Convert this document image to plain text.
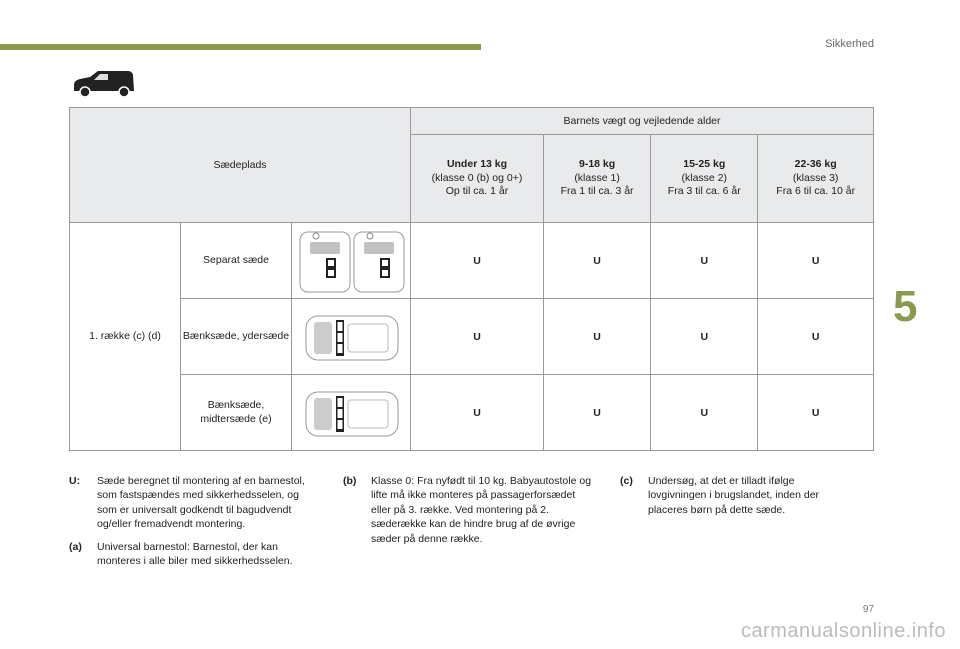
Sikkerhed
5
97
carmanualsonline.info
Sædeplads			Barnets vægt og vejledende alder			

			Under 13 kg
(klasse 0 (b) og 0+)
Op til ca. 1 år	9-18 kg
(klasse 1)
Fra 1 til ca. 3 år	15-25 kg
(klasse 2)
Fra 3 til ca. 6 år	22-36 kg
(klasse 3)
Fra 6 til ca. 10 år
1. række (c) (d)	Separat sæde		U	U	U	U
	Bænksæde, ydersæde		U	U	U	U
	Bænksæde, midtersæde (e)		U	U	U	U
U:	Sæde beregnet til montering af en barnestol, som fastspændes med sikkerhedsselen, og som er universalt godkendt til bagudvendt og/eller fremadvendt montering.
(a)	Universal barnestol: Barnestol, der kan monteres i alle biler med sikkerhedsselen.
(b)	Klasse 0: Fra nyfødt til 10 kg. Babyautostole og lifte må ikke monteres på passagerforsædet eller på 3. række. Ved montering på 2. sæderække kan de hindre brug af de øvrige sæder på denne række.
(c)	Undersøg, at det er tilladt ifølge lovgivningen i brugslandet, inden der placeres børn på dette sæde.
